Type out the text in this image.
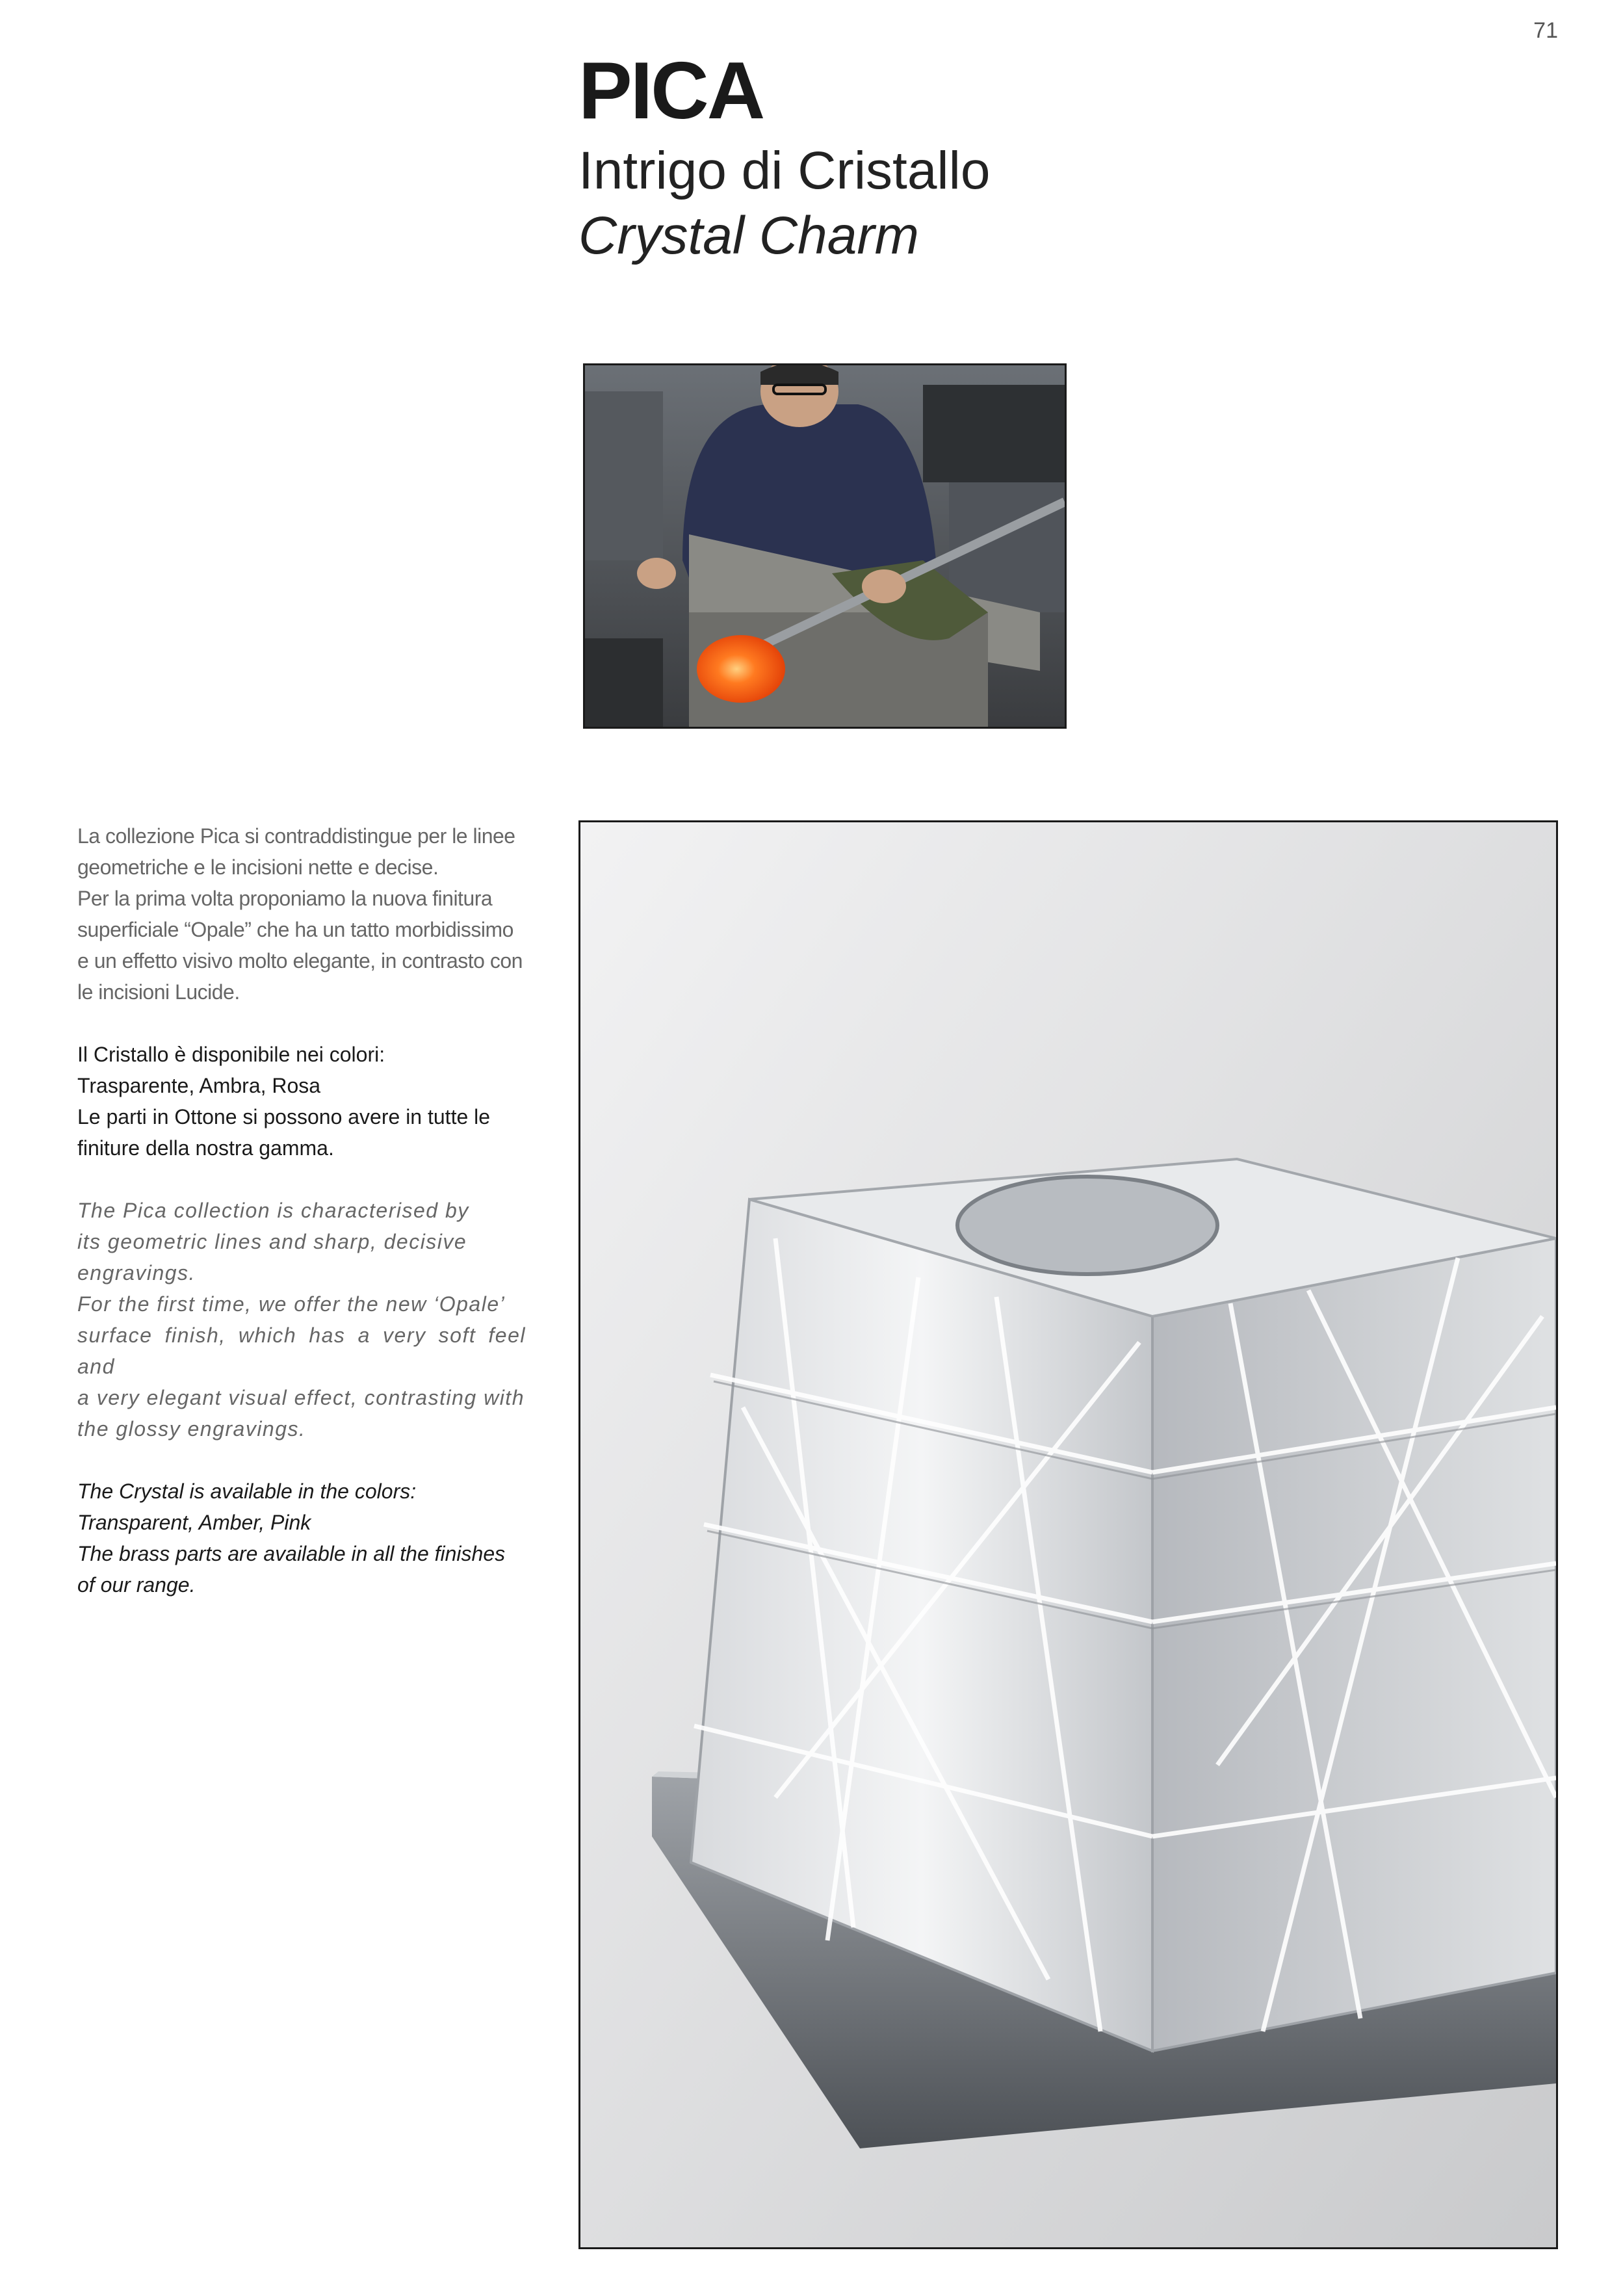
71
PICA
Intrigo di Cristallo
Crystal Charm

La collezione Pica si contraddistingue per le linee
geometriche e le incisioni nette e decise.
Per la prima volta proponiamo la nuova finitura
superficiale “Opale” che ha un tatto morbidissimo
e un effetto visivo molto elegante, in contrasto con
le incisioni Lucide.

Il Cristallo è disponibile nei colori:
Trasparente, Ambra, Rosa
Le parti in Ottone si possono avere in tutte le
finiture della nostra gamma.

The Pica collection is characterised by
its geometric lines and sharp, decisive
engravings.
For the first time, we offer the new ‘Opale’
surface finish, which has a very soft feel and
a very elegant visual effect, contrasting with
the glossy engravings.

The Crystal is available in the colors:
Transparent, Amber, Pink
The brass parts are available in all the finishes
of our range.
